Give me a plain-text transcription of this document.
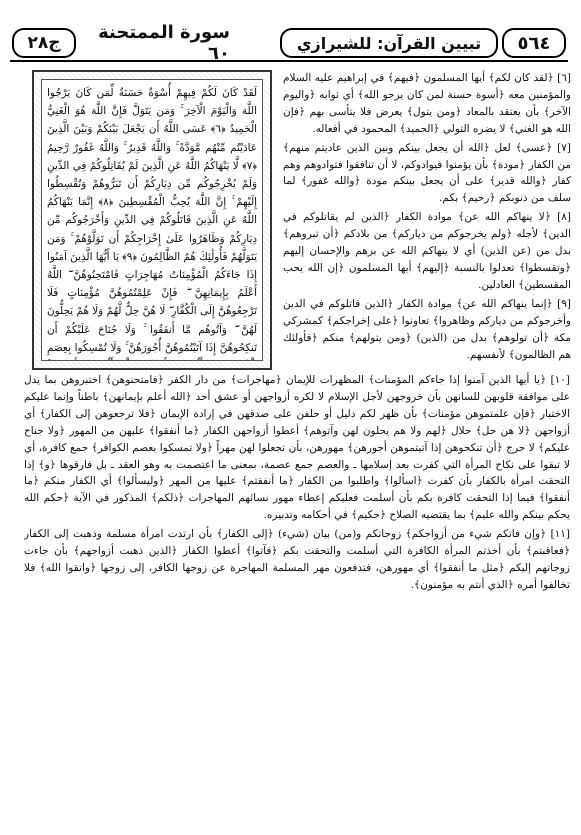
ج٢٨	سورة الممتحنة ٦٠	تبيين القرآن: للشيرازي	٥٦٤
لَقَدْ كَانَ لَكُمْ فِيهِمْ أُسْوَةٌ حَسَنَةٌ لِّمَن كَانَ يَرْجُوا اللَّهَ وَالْيَوْمَ الْآخِرَ ۚ وَمَن يَتَوَلَّ فَإِنَّ اللَّهَ هُوَ الْغَنِيُّ الْحَمِيدُ ﴿٦﴾ عَسَى اللَّهُ أَن يَجْعَلَ بَيْنَكُمْ وَبَيْنَ الَّذِينَ عَادَيْتُم مِّنْهُم مَّوَدَّةً ۚ وَاللَّهُ قَدِيرٌ ۚ وَاللَّهُ غَفُورٌ رَّحِيمٌ ﴿٧﴾ لَّا يَنْهَاكُمُ اللَّهُ عَنِ الَّذِينَ لَمْ يُقَاتِلُوكُمْ فِي الدِّينِ وَلَمْ يُخْرِجُوكُم مِّن دِيَارِكُمْ أَن تَبَرُّوهُمْ وَتُقْسِطُوا إِلَيْهِمْ ۚ إِنَّ اللَّهَ يُحِبُّ الْمُقْسِطِينَ ﴿٨﴾ إِنَّمَا يَنْهَاكُمُ اللَّهُ عَنِ الَّذِينَ قَاتَلُوكُمْ فِي الدِّينِ وَأَخْرَجُوكُم مِّن دِيَارِكُمْ وَظَاهَرُوا عَلَىٰ إِخْرَاجِكُمْ أَن تَوَلَّوْهُمْ ۚ وَمَن يَتَوَلَّهُمْ فَأُولَٰئِكَ هُمُ الظَّالِمُونَ ﴿٩﴾ يَا أَيُّهَا الَّذِينَ آمَنُوا إِذَا جَاءَكُمُ الْمُؤْمِنَاتُ مُهَاجِرَاتٍ فَامْتَحِنُوهُنَّ ۖ اللَّهُ أَعْلَمُ بِإِيمَانِهِنَّ ۖ فَإِنْ عَلِمْتُمُوهُنَّ مُؤْمِنَاتٍ فَلَا تَرْجِعُوهُنَّ إِلَى الْكُفَّارِ ۖ لَا هُنَّ حِلٌّ لَّهُمْ وَلَا هُمْ يَحِلُّونَ لَهُنَّ ۖ وَآتُوهُم مَّا أَنفَقُوا ۚ وَلَا جُنَاحَ عَلَيْكُمْ أَن تَنكِحُوهُنَّ إِذَا آتَيْتُمُوهُنَّ أُجُورَهُنَّ ۚ وَلَا تُمْسِكُوا بِعِصَمِ

[٦] ﴿لقد كان لكم﴾ أيها المسلمون ﴿فيهم﴾ في إبراهيم عليه السلام والمؤمنين معه ﴿أسوة حسنة لمن كان يرجو الله﴾ أي ثوابه ﴿واليوم الآخر﴾ بأن يعتقد بالمعاد ﴿ومن يتول﴾ يعرض فلا يتأسى بهم ﴿فإن الله هو الغني﴾ لا يضره التولي ﴿الحميد﴾ المحمود في أفعاله.

[٧] ﴿عسى﴾ لعل ﴿الله أن يجعل بينكم وبين الذين عاديتم منهم﴾ من الكفار ﴿مودة﴾ بأن يؤمنوا فيوادوكم، لا أن تنافقوا فتوادوهم وهم كفار ﴿والله قدير﴾ على أن يجعل بينكم مودة ﴿والله غفور﴾ لما سلف من ذنوبكم ﴿رحيم﴾ بكم.

[٨] ﴿لا ينهاكم الله عن﴾ موادة الكفار ﴿الذين لم يقاتلوكم في الدين﴾ لأجله ﴿ولم يخرجوكم من دياركم﴾ من بلادكم ﴿أن تبروهم﴾ بدل من (عن الذين) أي لا ينهاكم الله عن برهم والإحسان إليهم ﴿وتقسطوا﴾ تعدلوا بالنسبة ﴿إليهم﴾ أيها المسلمون ﴿إن الله يحب المقسطين﴾ العادلين.

[٩] ﴿إنما ينهاكم الله عن﴾ موادة الكفار ﴿الذين قاتلوكم في الدين وأخرجوكم من دياركم وظاهروا﴾ تعاونوا ﴿على إخراجكم﴾ كمشركي مكة ﴿أن تولوهم﴾ بدل من (الذين) ﴿ومن يتولهم﴾ منكم ﴿فأولئك هم الظالمون﴾ لأنفسهم.

[١٠] ﴿يا أيها الذين آمنوا إذا جاءكم المؤمنات﴾ المظهرات للإيمان ﴿مهاجرات﴾ من دار الكفر ﴿فامتحنوهن﴾ اختبروهن بما يدل على موافقة قلوبهن للسانهن بأن خروجهن لأجل الإسلام لا لكره أزواجهن أو عشق أحد ﴿الله أعلم بإيمانهن﴾ باطناً وإنما عليكم الاختبار ﴿فإن علمتموهن مؤمنات﴾ بأن ظهر لكم دليل أو حلفن على صدقهن في إرادة الإيمان ﴿فلا ترجعوهن إلى الكفار﴾ أي أزواجهن ﴿لا هن حل﴾ حلال ﴿لهم ولا هم يحلون لهن وآتوهم﴾ أعطوا أزواجهن الكفار ﴿ما أنفقوا﴾ عليهن من المهور ﴿ولا جناح عليكم﴾ لا حرج ﴿أن تنكحوهن إذا آتيتموهن أجورهن﴾ مهورهن، بأن تجعلوا لهن مهراً ﴿ولا تمسكوا بعصم الكوافر﴾ جمع كافرة، أي لا تبقوا على نكاح المرأة التي كفرت بعد إسلامها ـ والعصم جمع عصمة، بمعنى ما اعتصمت به وهو العقد ـ بل فارقوها ﴿و﴾ إذا التحقت امرأة بالكفار بأن كفرت ﴿اسألوا﴾ واطلبوا من الكفار ﴿ما أنفقتم﴾ عليها من المهر ﴿وليسألوا﴾ أي الكفار منكم ﴿ما أنفقوا﴾ فيما إذا التحقت كافرة بكم بأن أسلمت فعليكم إعطاء مهور نسائهم المهاجرات ﴿ذلكم﴾ المذكور في الآية ﴿حكم الله يحكم بينكم والله عليم﴾ بما يقتضيه الصلاح ﴿حكيم﴾ في أحكامه وتدبيره.

[١١] ﴿وإن فاتكم شيء من أزواجكم﴾ زوجاتكم و(من) بيان (شيء) ﴿إلى الكفار﴾ بأن ارتدت امرأة مسلمة وذهبت إلى الكفار ﴿فعاقبتم﴾ بأن أخذتم المرأة الكافرة التي أسلمت والتحقت بكم ﴿فآتوا﴾ أعطوا الكفار ﴿الذين ذهبت أزواجهم﴾ بأن جاءت زوجاتهم إليكم ﴿مثل ما أنفقوا﴾ أي مهورهن، فتدفعون مهر المسلمة المهاجرة عن زوجها الكافر، إلى زوجها ﴿واتقوا الله﴾ فلا تخالفوا أمره ﴿الذي أنتم به مؤمنون﴾.
